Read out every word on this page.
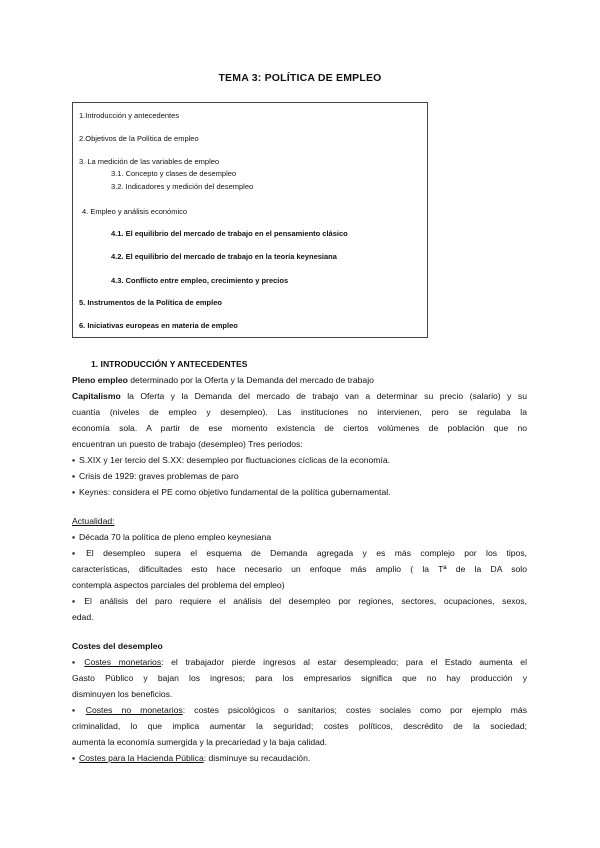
TEMA 3: POLÍTICA DE EMPLEO
1.Introducción y antecedentes
2.Objetivos de la Política de empleo
3. La medición de las variables de empleo
3.1. Concepto y clases de desempleo
3.2. Indicadores y medición del desempleo
4. Empleo y análisis económico
4.1. El equilibrio del mercado de trabajo en el pensamiento clásico
4.2. El equilibrio del mercado de trabajo en la teoría keynesiana
4.3. Conflicto entre empleo, crecimiento y precios
5. Instrumentos de la Política de empleo
6. Iniciativas europeas en materia de empleo
1. INTRODUCCIÓN Y ANTECEDENTES
Pleno empleo determinado por la Oferta y la Demanda del mercado de trabajo
Capitalismo la Oferta y la Demanda del mercado de trabajo van a determinar su precio (salario) y su
cuantía (niveles de empleo y desempleo). Las instituciones no intervienen, pero se regulaba la
economía sola. A partir de ese momento existencia de ciertos volúmenes de población que no
encuentran un puesto de trabajo (desempleo) Tres periodos:
▪ S.XIX y 1er tercio del S.XX: desempleo por fluctuaciones cíclicas de la economía.
▪ Crisis de 1929: graves problemas de paro
▪ Keynes: considera el PE como objetivo fundamental de la política gubernamental.
Actualidad:
▪ Década 70 la política de pleno empleo keynesiana
▪ El desempleo supera el esquema de Demanda agregada y es más complejo por los tipos,
características, dificultades esto hace necesario un enfoque más amplio ( la Tª de la DA solo
contempla aspectos parciales del problema del empleo)
▪ El análisis del paro requiere el análisis del desempleo por regiones, sectores, ocupaciones, sexos,
edad.
Costes del desempleo
▪ Costes monetarios: el trabajador pierde ingresos al estar desempleado; para el Estado aumenta el
Gasto Público y bajan los ingresos; para los empresarios significa que no hay producción y
disminuyen los beneficios.
▪ Costes no monetarios: costes psicológicos o sanitarios; costes sociales como por ejemplo más
criminalidad, lo que implica aumentar la seguridad; costes políticos, descrédito de la sociedad;
aumenta la economía sumergida y la precariedad y la baja calidad.
▪ Costes para la Hacienda Pública: disminuye su recaudación.
